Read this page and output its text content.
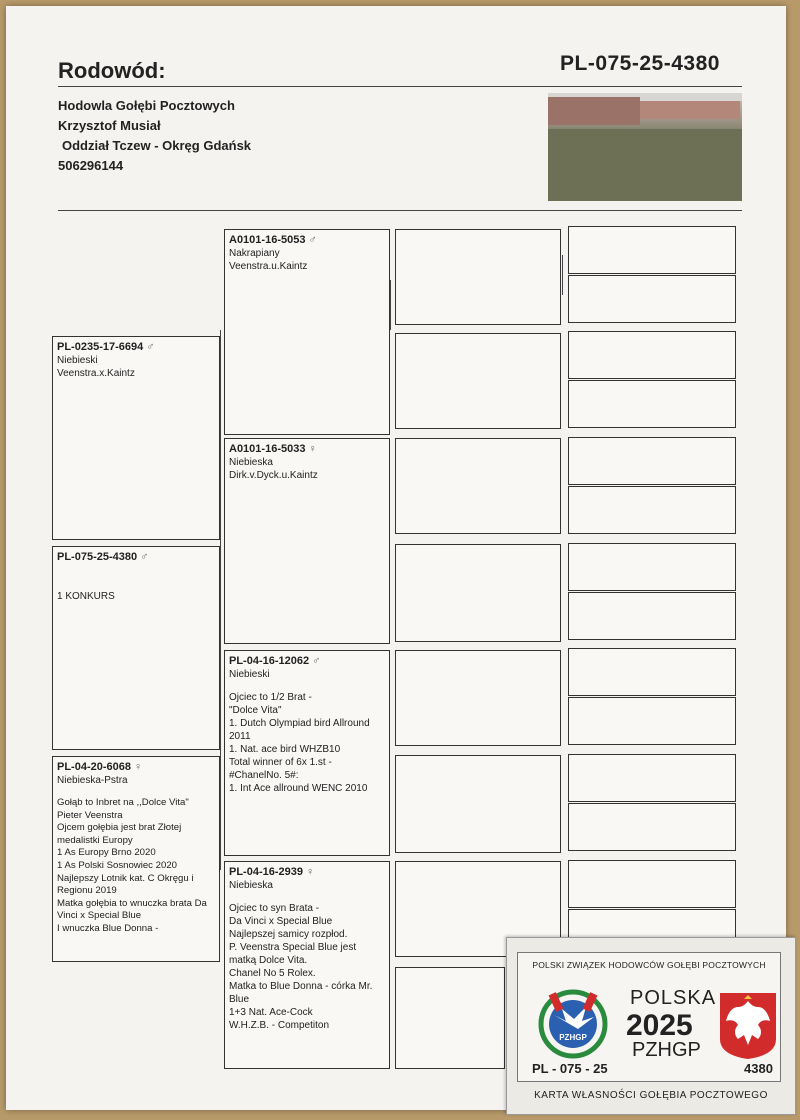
Rodowód:	PL-075-25-4380
Hodowla Gołębi Pocztowych
Krzysztof Musiał
Oddział Tczew - Okręg Gdańsk
506296144
PL-075-25-4380 ♂
1 KONKURS
PL-0235-17-6694 ♂
Niebieski
Veenstra.x.Kaintz
PL-04-20-6068 ♀
Niebieska-Pstra
Gołąb to Inbret na ,,Dolce Vita" Pieter Veenstra
Ojcem gołębia jest brat Złotej medalistki Europy
1 As Europy Brno 2020
1 As Polski Sosnowiec 2020
Najlepszy Lotnik kat. C Okręgu i Regionu 2019
Matka gołębia to wnuczka brata Da Vinci x Special Blue
I wnuczka Blue Donna -
A0101-16-5053 ♂
Nakrapiany
Veenstra.u.Kaintz
A0101-16-5033 ♀
Niebieska
Dirk.v.Dyck.u.Kaintz
PL-04-16-12062 ♂
Niebieski
Ojciec to 1/2 Brat -
"Dolce Vita"
1. Dutch Olympiad bird Allround 2011
1. Nat. ace bird WHZB10
Total winner of 6x 1.st - #ChanelNo. 5#:
1. Int Ace allround WENC 2010
PL-04-16-2939 ♀
Niebieska
Ojciec to syn Brata -
Da Vinci x Special Blue
Najlepszej samicy rozpłod.
P. Veenstra Special Blue jest matką Dolce Vita.
Chanel No 5 Rolex.
Matka to Blue Donna - córka Mr. Blue
1+3 Nat. Ace-Cock
W.H.Z.B. - Competiton
POLSKI ZWIĄZEK HODOWCÓW GOŁĘBI POCZTOWYCH
PZHGP
POLSKA
2025
PZHGP
PL - 075 - 25	4380
KARTA WŁASNOŚCI GOŁĘBIA POCZTOWEGO
